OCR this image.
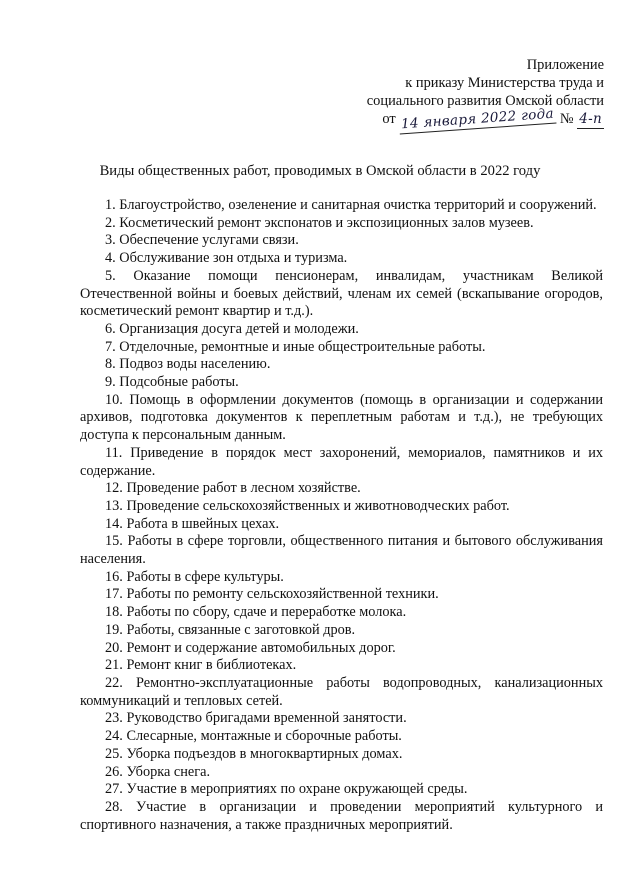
Приложение
к приказу Министерства труда и
социального развития Омской области
от 14 января 2022 года № 4-п
Виды общественных работ, проводимых в Омской области в 2022 году
1. Благоустройство, озеленение и санитарная очистка территорий и сооружений.
2. Косметический ремонт экспонатов и экспозиционных залов музеев.
3. Обеспечение услугами связи.
4. Обслуживание зон отдыха и туризма.
5. Оказание помощи пенсионерам, инвалидам, участникам Великой Отечественной войны и боевых действий, членам их семей (вскапывание огородов, косметический ремонт квартир и т.д.).
6. Организация досуга детей и молодежи.
7. Отделочные, ремонтные и иные общестроительные работы.
8. Подвоз воды населению.
9. Подсобные работы.
10. Помощь в оформлении документов (помощь в организации и содержании архивов, подготовка документов к переплетным работам и т.д.), не требующих доступа к персональным данным.
11. Приведение в порядок мест захоронений, мемориалов, памятников и их содержание.
12. Проведение работ в лесном хозяйстве.
13. Проведение сельскохозяйственных и животноводческих работ.
14. Работа в швейных цехах.
15. Работы в сфере торговли, общественного питания и бытового обслуживания населения.
16. Работы в сфере культуры.
17. Работы по ремонту сельскохозяйственной техники.
18. Работы по сбору, сдаче и переработке молока.
19. Работы, связанные с заготовкой дров.
20. Ремонт и содержание автомобильных дорог.
21. Ремонт книг в библиотеках.
22. Ремонтно-эксплуатационные работы водопроводных, канализационных коммуникаций и тепловых сетей.
23. Руководство бригадами временной занятости.
24. Слесарные, монтажные и сборочные работы.
25. Уборка подъездов в многоквартирных домах.
26. Уборка снега.
27. Участие в мероприятиях по охране окружающей среды.
28. Участие в организации и проведении мероприятий культурного и спортивного назначения, а также праздничных мероприятий.
